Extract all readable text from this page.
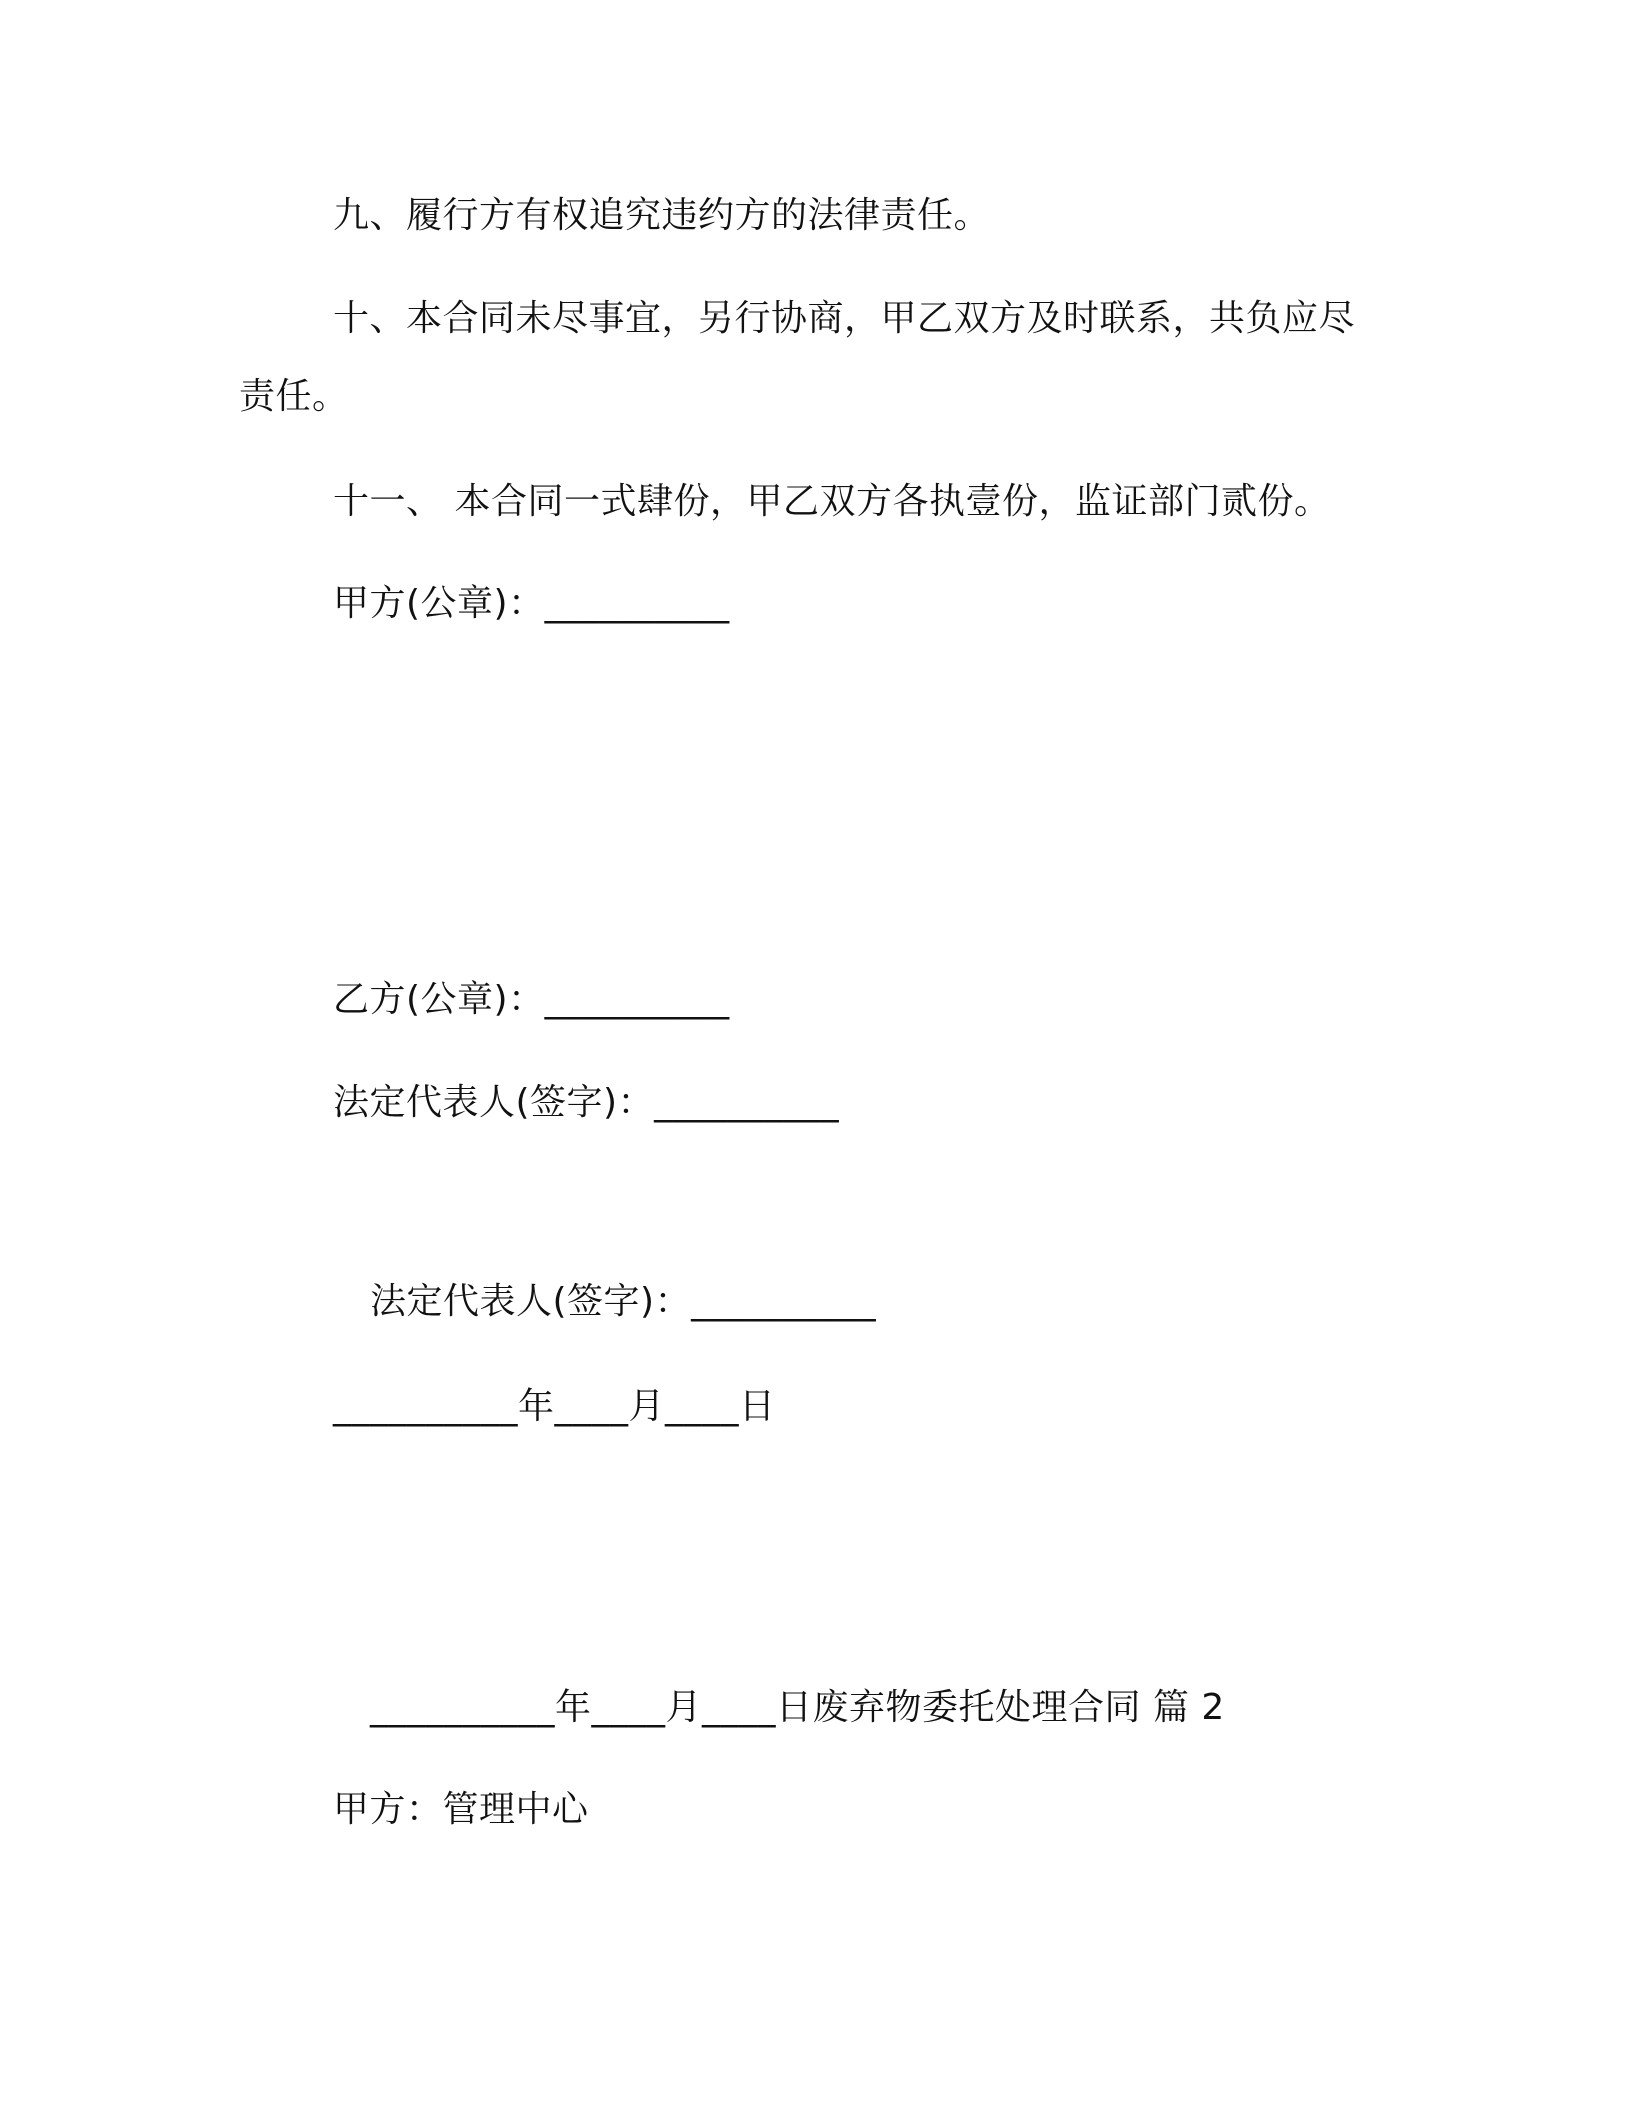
九、履行方有权追究违约方的法律责任。
十、本合同未尽事宜，另行协商，甲乙双方及时联系，共负应尽
责任。
十一、 本合同一式肆份，甲乙双方各执壹份，监证部门贰份。
甲方(公章)：__________
乙方(公章)：__________
法定代表人(签字)：__________
法定代表人(签字)：__________
__________年____月____日
__________年____月____日废弃物委托处理合同 篇 2
甲方：管理中心
